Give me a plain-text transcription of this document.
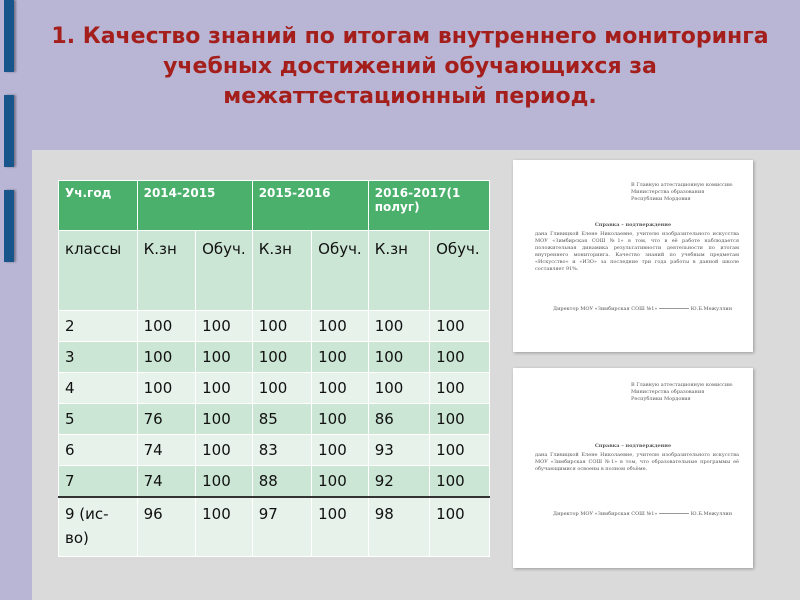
1. Качество знаний по итогам внутреннего мониторинга
учебных достижений обучающихся за
межаттестационный период.
Уч.год	2014-2015		2015-2016		2016-2017(1 полуг)	
классы	К.зн	Обуч.	К.зн	Обуч.	К.зн	Обуч.
2	100	100	100	100	100	100
3	100	100	100	100	100	100
4	100	100	100	100	100	100
5	76	100	85	100	86	100
6	74	100	83	100	93	100
7	74	100	88	100	92	100
9 (ис-во)	96	100	97	100	98	100
В Главную аттестационную комиссию
Министерства образования
Республики Мордовия
Справка – подтверждение
дана Гливицкой Елене Николаевне, учителю изобразительного искусства МОУ «Зимбирская СОШ №1» в том, что в её работе наблюдается положительная динамика результативности деятельности по итогам внутреннего мониторинга. Качество знаний по учебным предметам «Искусство» и «ИЗО» за последние три года работы в данной школе составляет 91%.
Директор МОУ «Зимбирская СОШ №1»	Ю.Б.Межуллин
В Главную аттестационную комиссию
Министерства образования
Республики Мордовия
Справка – подтверждение
дана Гливицкой Елене Николаевне, учителю изобразительного искусства МОУ «Зимбирская СОШ №1» в том, что образовательные программы её обучающимися освоены в полном объёме.
Директор МОУ «Зимбирская СОШ №1»	Ю.Б.Межуллин
